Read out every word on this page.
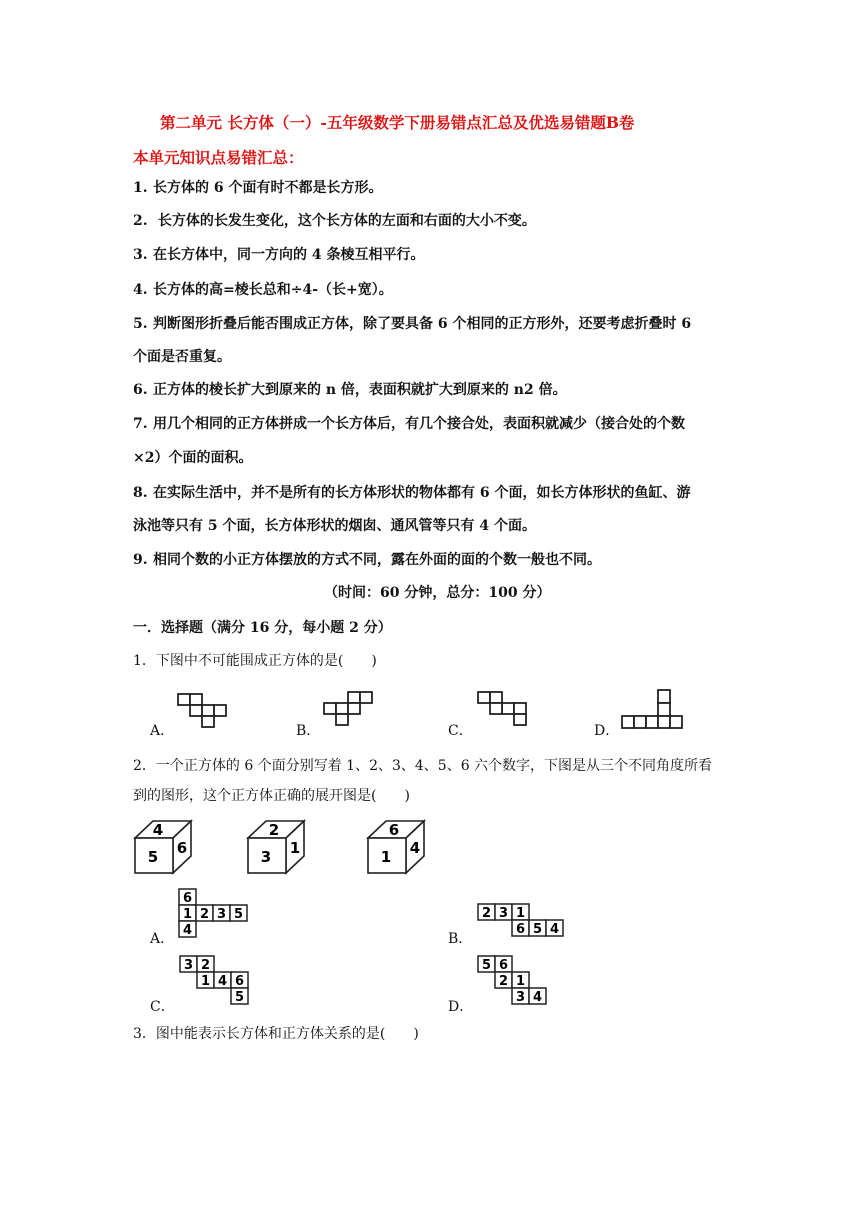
第二单元 长方体（一）-五年级数学下册易错点汇总及优选易错题B卷
本单元知识点易错汇总：
1. 长方体的 6 个面有时不都是长方形。
2. 长方体的长发生变化，这个长方体的左面和右面的大小不变。
3. 在长方体中，同一方向的 4 条棱互相平行。
4. 长方体的高=棱长总和÷4-（长+宽）。
5. 判断图形折叠后能否围成正方体，除了要具备 6 个相同的正方形外，还要考虑折叠时 6
个面是否重复。
6. 正方体的棱长扩大到原来的 n 倍，表面积就扩大到原来的 n2 倍。
7. 用几个相同的正方体拼成一个长方体后，有几个接合处，表面积就减少（接合处的个数
×2）个面的面积。
8. 在实际生活中，并不是所有的长方体形状的物体都有 6 个面，如长方体形状的鱼缸、游
泳池等只有 5 个面，长方体形状的烟囱、通风管等只有 4 个面。
9. 相同个数的小正方体摆放的方式不同，露在外面的面的个数一般也不同。
（时间：60 分钟，总分：100 分）
一．选择题（满分 16 分，每小题 2 分）
1．下图中不可能围成正方体的是(　　)
A．	B．	C．	D．
2．一个正方体的 6 个面分别写着 1、2、3、4、5、6 六个数字，下图是从三个不同角度所看
到的图形，这个正方体正确的展开图是(　　)
4
5 6
2
3 1
6
1 4
A．
6
1 2 3 5
4
B．
2 3 1
6 5 4
C．
3 2
1 4 6
5
D．
5 6
2 1
3 4
3．图中能表示长方体和正方体关系的是(　　)
